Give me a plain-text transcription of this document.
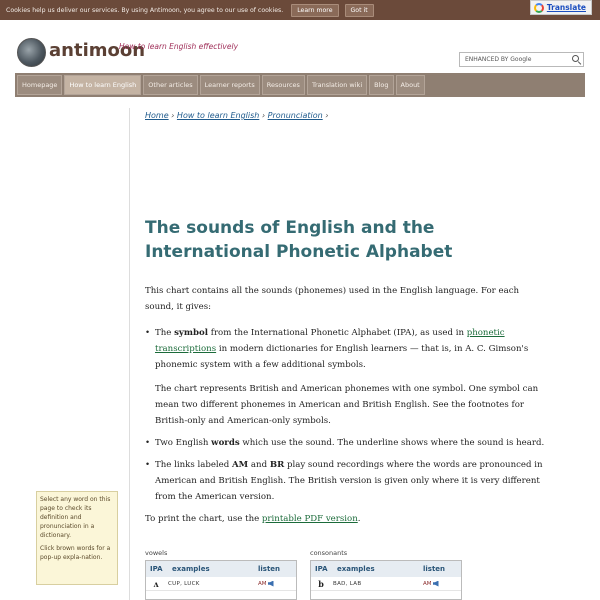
Cookies help us deliver our services. By using Antimoon, you agree to our use of cookies.	Learn more	Got it	Translate
antimoon
How to learn English effectively
ENHANCED BY Google
Homepage	How to learn English	Other articles	Learner reports	Resources	Translation wiki	Blog	About
Home › How to learn English › Pronunciation ›
The sounds of English and the International Phonetic Alphabet

This chart contains all the sounds (phonemes) used in the English language. For each sound, it gives:

• The symbol from the International Phonetic Alphabet (IPA), as used in phonetic transcriptions in modern dictionaries for English learners — that is, in A. C. Gimson's phonemic system with a few additional symbols.
The chart represents British and American phonemes with one symbol. One symbol can mean two different phonemes in American and British English. See the footnotes for British-only and American-only symbols.
• Two English words which use the sound. The underline shows where the sound is heard.
• The links labeled AM and BR play sound recordings where the words are pronounced in American and British English. The British version is given only where it is very different from the American version.

To print the chart, use the printable PDF version.

Select any word on this page to check its definition and pronunciation in a dictionary.

Click brown words for a pop-up expla-nation.

vowels	consonants
IPA	examples	listen
ʌ	CUP, LUCK	AM
IPA	examples	listen
b	BAD, LAB	AM
